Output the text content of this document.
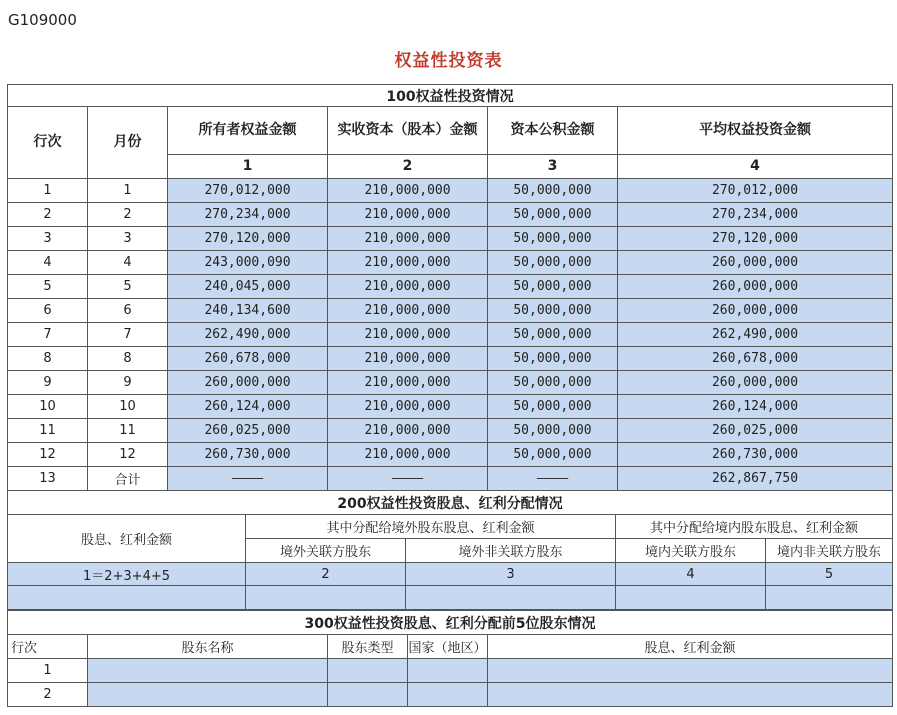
G109000
权益性投资表
100权益性投资情况					
行次	月份	所有者权益金额	实收资本（股本）金额	资本公积金额	平均权益投资金额
		1	2	3	4
1	1	270,012,000	210,000,000	50,000,000	270,012,000
2	2	270,234,000	210,000,000	50,000,000	270,234,000
3	3	270,120,000	210,000,000	50,000,000	270,120,000
4	4	243,000,090	210,000,000	50,000,000	260,000,000
5	5	240,045,000	210,000,000	50,000,000	260,000,000
6	6	240,134,600	210,000,000	50,000,000	260,000,000
7	7	262,490,000	210,000,000	50,000,000	262,490,000
8	8	260,678,000	210,000,000	50,000,000	260,678,000
9	9	260,000,000	210,000,000	50,000,000	260,000,000
10	10	260,124,000	210,000,000	50,000,000	260,124,000
11	11	260,025,000	210,000,000	50,000,000	260,025,000
12	12	260,730,000	210,000,000	50,000,000	260,730,000
13	合计	————	————	————	262,867,750
200权益性投资股息、红利分配情况				
股息、红利金额	其中分配给境外股东股息、红利金额		其中分配给境内股东股息、红利金额	
	境外关联方股东	境外非关联方股东	境内关联方股东	境内非关联方股东
1＝2+3+4+5	2	3	4	5

300权益性投资股息、红利分配前5位股东情况				
行次	股东名称	股东类型	国家（地区）	股息、红利金额
1				
2				
